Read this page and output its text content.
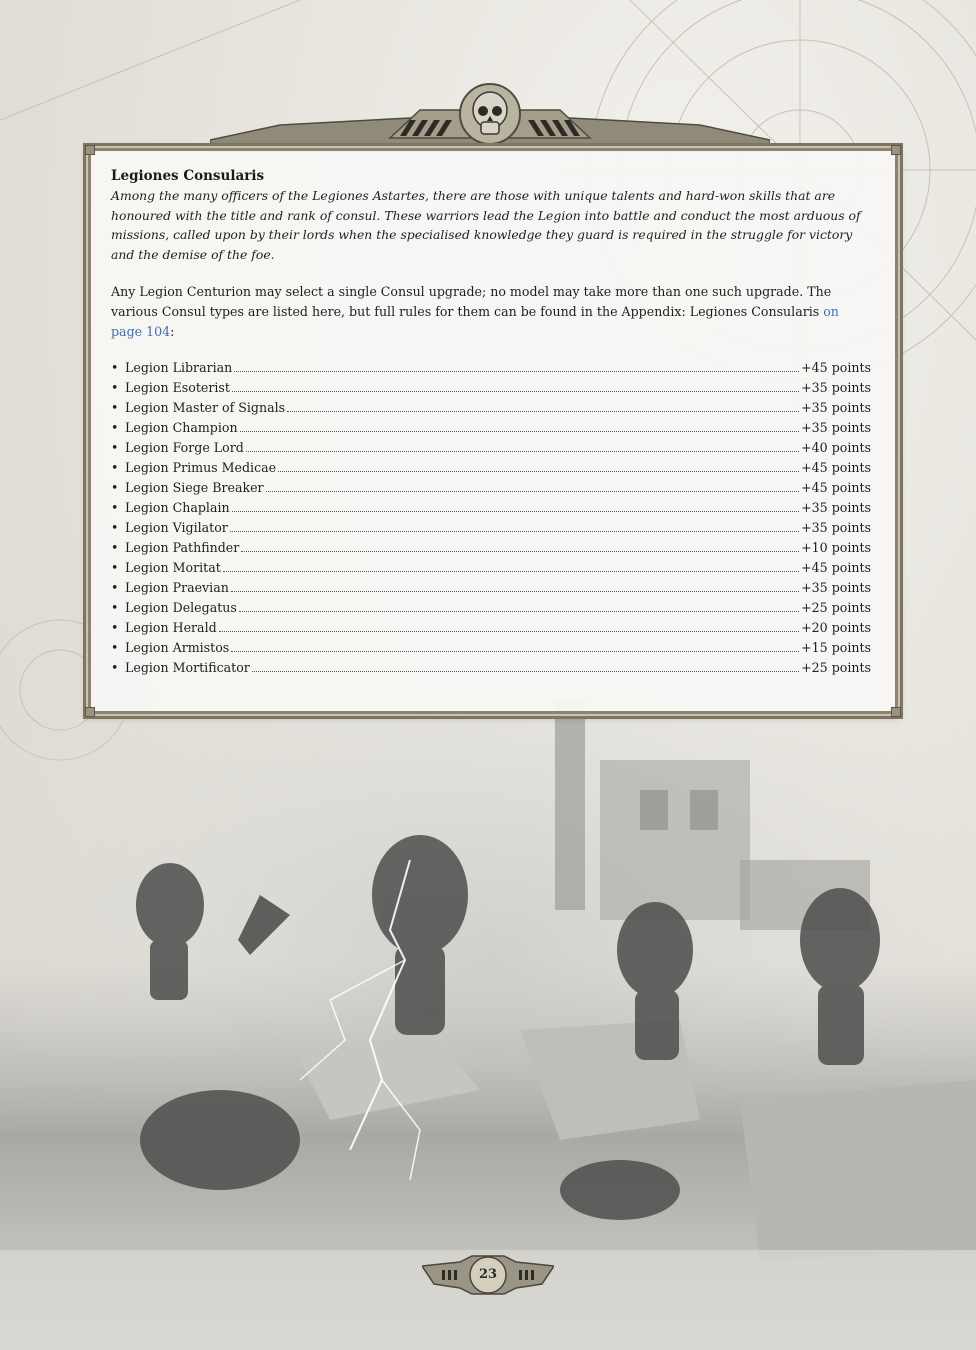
Legiones Consularis

Among the many officers of the Legiones Astartes, there are those with unique talents and hard-won skills that are honoured with the title and rank of consul. These warriors lead the Legion into battle and conduct the most arduous of missions, called upon by their lords when the specialised knowledge they guard is required in the struggle for victory and the demise of the foe.

Any Legion Centurion may select a single Consul upgrade; no model may take more than one such upgrade. The various Consul types are listed here, but full rules for them can be found in the Appendix: Legiones Consularis on page 104:

• Legion Librarian	+45 points
• Legion Esoterist	+35 points
• Legion Master of Signals	+35 points
• Legion Champion	+35 points
• Legion Forge Lord	+40 points
• Legion Primus Medicae	+45 points
• Legion Siege Breaker	+45 points
• Legion Chaplain	+35 points
• Legion Vigilator	+35 points
• Legion Pathfinder	+10 points
• Legion Moritat	+45 points
• Legion Praevian	+35 points
• Legion Delegatus	+25 points
• Legion Herald	+20 points
• Legion Armistos	+15 points
• Legion Mortificator	+25 points
23
